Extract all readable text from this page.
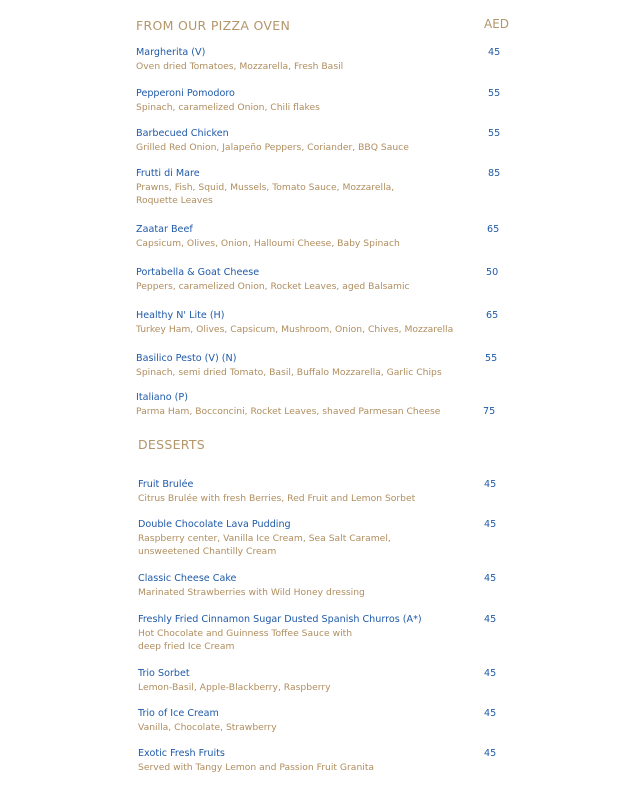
FROM OUR PIZZA OVEN	AED
Margherita (V)
Oven dried Tomatoes, Mozzarella, Fresh Basil
45
Pepperoni Pomodoro
Spinach, caramelized Onion, Chili flakes
55
Barbecued Chicken
Grilled Red Onion, Jalapeño Peppers, Coriander, BBQ Sauce
55
Frutti di Mare
Prawns, Fish, Squid, Mussels, Tomato Sauce, Mozzarella,
Roquette Leaves
85
Zaatar Beef
Capsicum, Olives, Onion, Halloumi Cheese, Baby Spinach
65
Portabella & Goat Cheese
Peppers, caramelized Onion, Rocket Leaves, aged Balsamic
50
Healthy N' Lite (H)
Turkey Ham, Olives, Capsicum, Mushroom, Onion, Chives, Mozzarella
65
Basilico Pesto (V) (N)
Spinach, semi dried Tomato, Basil, Buffalo Mozzarella, Garlic Chips
55
Italiano (P)
Parma Ham, Bocconcini, Rocket Leaves, shaved Parmesan Cheese	75
DESSERTS
Fruit Brulée
Citrus Brulée with fresh Berries, Red Fruit and Lemon Sorbet
45
Double Chocolate Lava Pudding
Raspberry center, Vanilla Ice Cream, Sea Salt Caramel,
unsweetened Chantilly Cream
45
Classic Cheese Cake
Marinated Strawberries with Wild Honey dressing
45
Freshly Fried Cinnamon Sugar Dusted Spanish Churros (A*)
Hot Chocolate and Guinness Toffee Sauce with
deep fried Ice Cream
45
Trio Sorbet
Lemon-Basil, Apple-Blackberry, Raspberry
45
Trio of Ice Cream
Vanilla, Chocolate, Strawberry
45
Exotic Fresh Fruits
Served with Tangy Lemon and Passion Fruit Granita
45
